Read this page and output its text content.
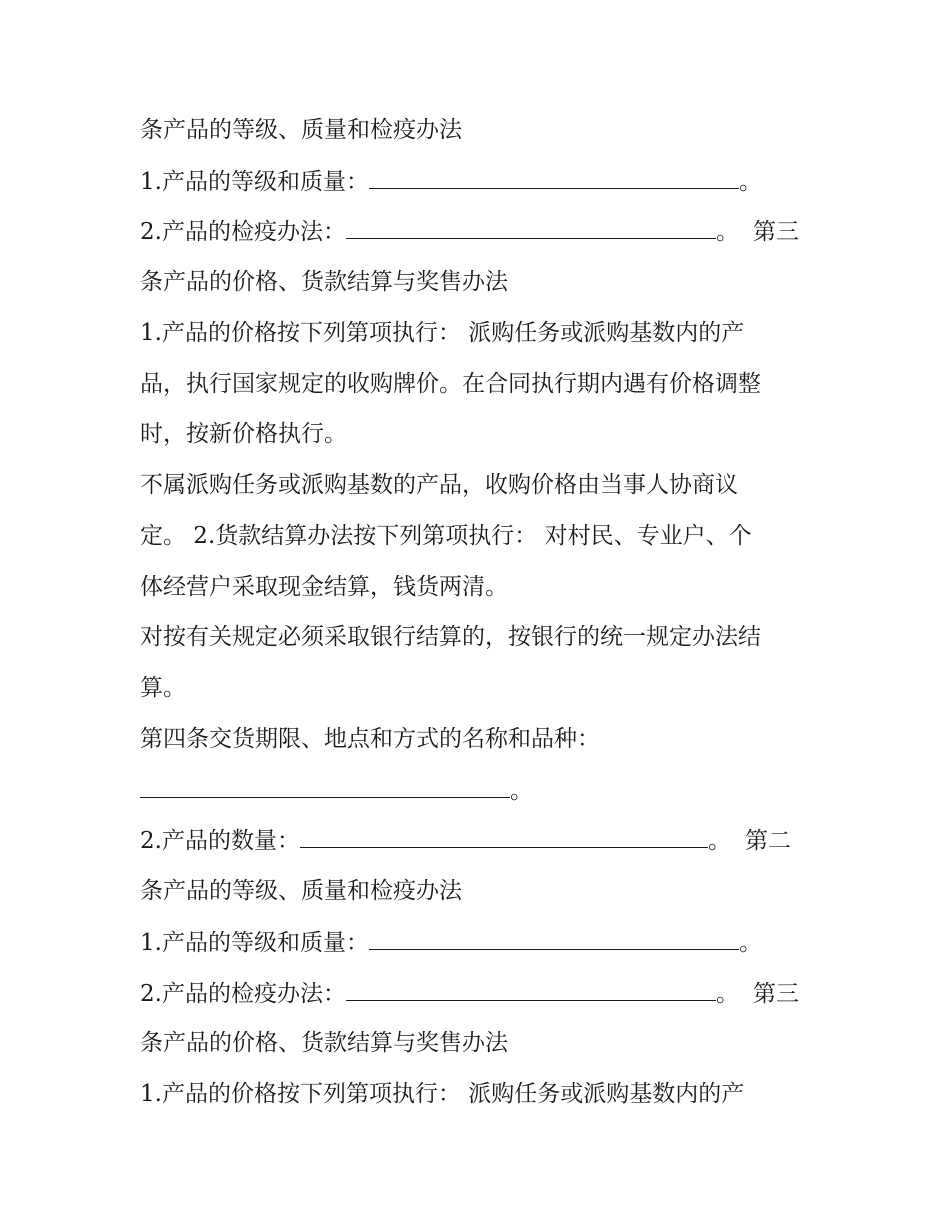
条产品的等级、质量和检疫办法
1.产品的等级和质量：	。
2.产品的检疫办法：	。 第三
条产品的价格、货款结算与奖售办法
1.产品的价格按下列第项执行： 派购任务或派购基数内的产
品，执行国家规定的收购牌价。在合同执行期内遇有价格调整
时，按新价格执行。
不属派购任务或派购基数的产品，收购价格由当事人协商议
定。 2.货款结算办法按下列第项执行： 对村民、专业户、个
体经营户采取现金结算，钱货两清。
对按有关规定必须采取银行结算的，按银行的统一规定办法结
算。
第四条交货期限、地点和方式的名称和品种：
。
2.产品的数量：	。 第二
条产品的等级、质量和检疫办法
1.产品的等级和质量：	。
2.产品的检疫办法：	。 第三
条产品的价格、货款结算与奖售办法
1.产品的价格按下列第项执行： 派购任务或派购基数内的产
